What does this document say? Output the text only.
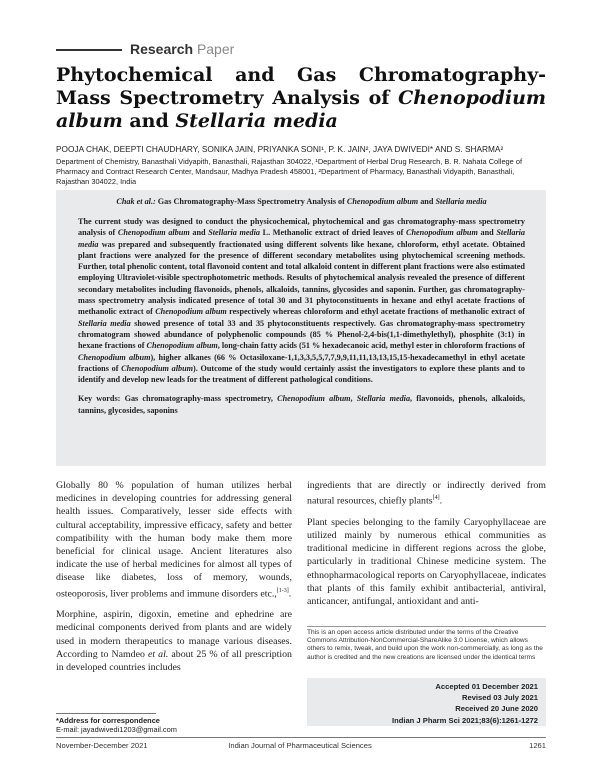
Research Paper
Phytochemical and Gas Chromatography-Mass Spectrometry Analysis of Chenopodium album and Stellaria media
POOJA CHAK, DEEPTI CHAUDHARY, SONIKA JAIN, PRIYANKA SONI¹, P. K. JAIN², JAYA DWIVEDI* AND S. SHARMA²
Department of Chemistry, Banasthali Vidyapith, Banasthali, Rajasthan 304022, ¹Department of Herbal Drug Research, B. R. Nahata College of Pharmacy and Contract Research Center, Mandsaur, Madhya Pradesh 458001, ²Department of Pharmacy, Banasthali Vidyapith, Banasthali, Rajasthan 304022, India
Chak et al.: Gas Chromatography-Mass Spectrometry Analysis of Chenopodium album and Stellaria media

The current study was designed to conduct the physicochemical, phytochemical and gas chromatography-mass spectrometry analysis of Chenopodium album and Stellaria media L. Methanolic extract of dried leaves of Chenopodium album and Stellaria media was prepared and subsequently fractionated using different solvents like hexane, chloroform, ethyl acetate. Obtained plant fractions were analyzed for the presence of different secondary metabolites using phytochemical screening methods. Further, total phenolic content, total flavonoid content and total alkaloid content in different plant fractions were also estimated employing Ultraviolet-visible spectrophotometric methods. Results of phytochemical analysis revealed the presence of different secondary metabolites including flavonoids, phenols, alkaloids, tannins, glycosides and saponin. Further, gas chromatography-mass spectrometry analysis indicated presence of total 30 and 31 phytoconstituents in hexane and ethyl acetate fractions of methanolic extract of Chenopodium album respectively whereas chloroform and ethyl acetate fractions of methanolic extract of Stellaria media showed presence of total 33 and 35 phytoconstituents respectively. Gas chromatography-mass spectrometry chromatogram showed abundance of polyphenolic compounds (85 % Phenol-2,4-bis(1,1-dimethylethyl), phosphite (3:1) in hexane fractions of Chenopodium album, long-chain fatty acids (51 % hexadecanoic acid, methyl ester in chloroform fractions of Chenopodium album), higher alkanes (66 % Octasiloxane-1,1,3,3,5,5,7,7,9,9,11,11,13,13,15,15-hexadecamethyl in ethyl acetate fractions of Chenopodium album). Outcome of the study would certainly assist the investigators to explore these plants and to identify and develop new leads for the treatment of different pathological conditions.

Key words: Gas chromatography-mass spectrometry, Chenopodium album, Stellaria media, flavonoids, phenols, alkaloids, tannins, glycosides, saponins

Globally 80 % population of human utilizes herbal medicines in developing countries for addressing general health issues. Comparatively, lesser side effects with cultural acceptability, impressive efficacy, safety and better compatibility with the human body make them more beneficial for clinical usage. Ancient literatures also indicate the use of herbal medicines for almost all types of disease like diabetes, loss of memory, wounds, osteoporosis, liver problems and immune disorders etc.,[1-3].

Morphine, aspirin, digoxin, emetine and ephedrine are medicinal components derived from plants and are widely used in modern therapeutics to manage various diseases. According to Namdeo et al. about 25 % of all prescription in developed countries includes

ingredients that are directly or indirectly derived from natural resources, chiefly plants[4].

Plant species belonging to the family Caryophyllaceae are utilized mainly by numerous ethical communities as traditional medicine in different regions across the globe, particularly in traditional Chinese medicine system. The ethnopharmacological reports on Caryophyllaceae, indicates that plants of this family exhibit antibacterial, antiviral, anticancer, antifungal, antioxidant and anti-

This is an open access article distributed under the terms of the Creative Commons Attribution-NonCommercial-ShareAlike 3.0 License, which allows others to remix, tweak, and build upon the work non-commercially, as long as the author is credited and the new creations are licensed under the identical terms
Accepted 01 December 2021
Revised 03 July 2021
Received 20 June 2020
Indian J Pharm Sci 2021;83(6):1261-1272
*Address for correspondence
E-mail: jayadwivedi1203@gmail.com
November-December 2021	Indian Journal of Pharmaceutical Sciences	1261
